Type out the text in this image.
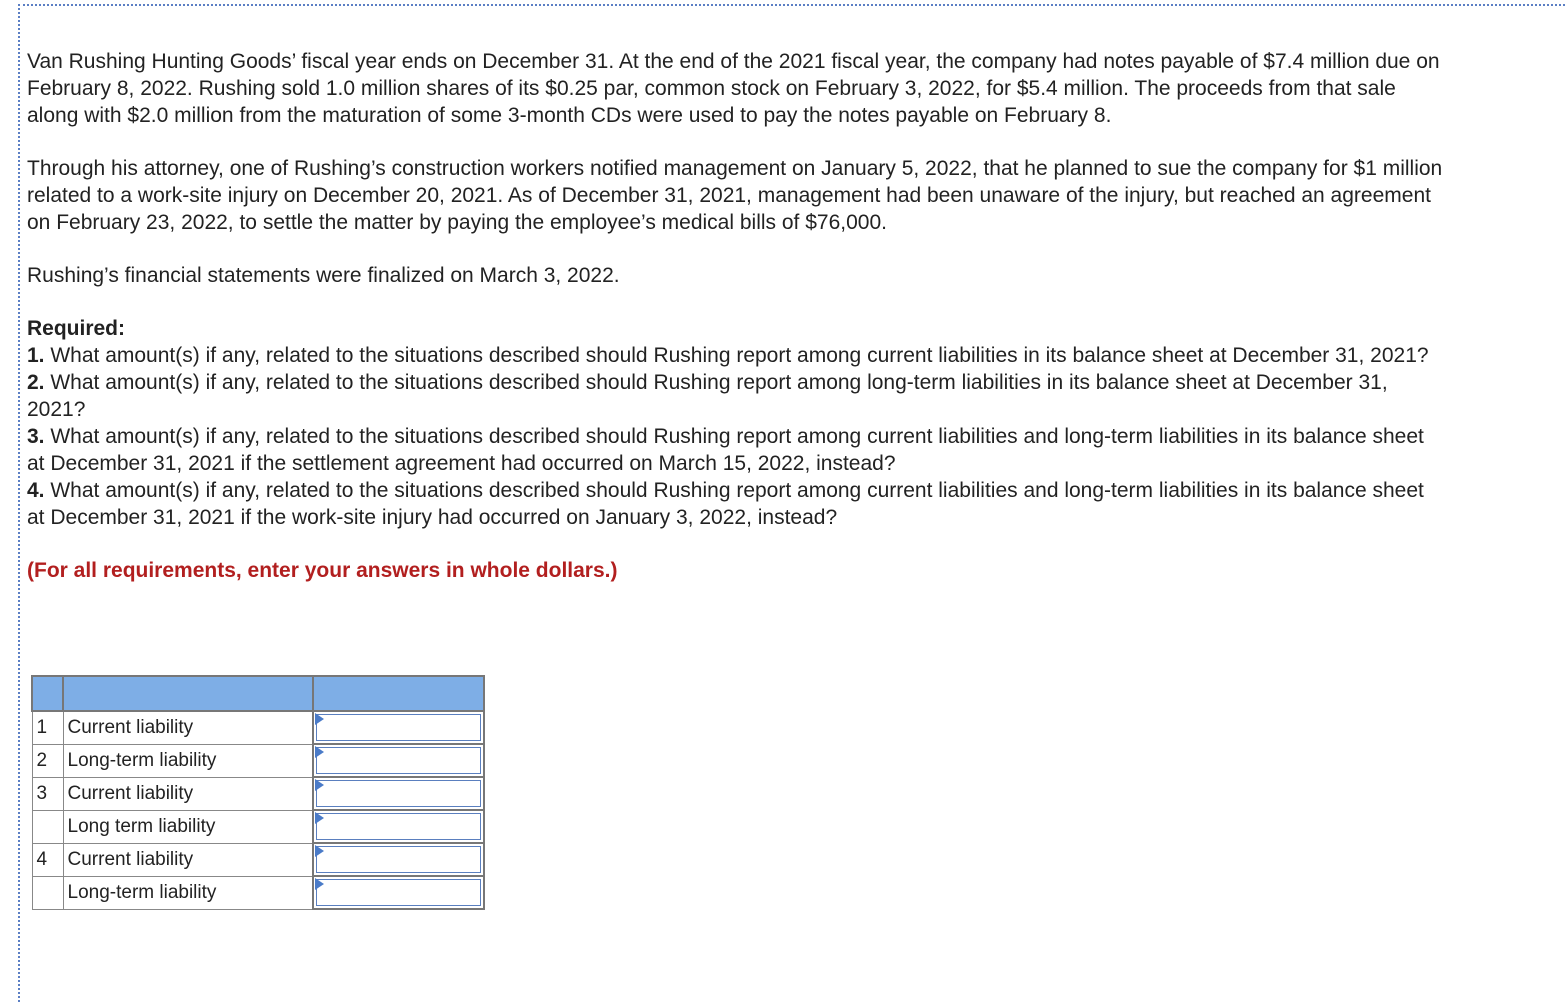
Van Rushing Hunting Goods’ fiscal year ends on December 31. At the end of the 2021 fiscal year, the company had notes payable of $7.4 million due on February 8, 2022. Rushing sold 1.0 million shares of its $0.25 par, common stock on February 3, 2022, for $5.4 million. The proceeds from that sale along with $2.0 million from the maturation of some 3-month CDs were used to pay the notes payable on February 8.

Through his attorney, one of Rushing’s construction workers notified management on January 5, 2022, that he planned to sue the company for $1 million related to a work-site injury on December 20, 2021. As of December 31, 2021, management had been unaware of the injury, but reached an agreement on February 23, 2022, to settle the matter by paying the employee’s medical bills of $76,000.

Rushing’s financial statements were finalized on March 3, 2022.

Required:

1. What amount(s) if any, related to the situations described should Rushing report among current liabilities in its balance sheet at December 31, 2021?

2. What amount(s) if any, related to the situations described should Rushing report among long-term liabilities in its balance sheet at December 31, 2021?

3. What amount(s) if any, related to the situations described should Rushing report among current liabilities and long-term liabilities in its balance sheet at December 31, 2021 if the settlement agreement had occurred on March 15, 2022, instead?

4. What amount(s) if any, related to the situations described should Rushing report among current liabilities and long-term liabilities in its balance sheet at December 31, 2021 if the work-site injury had occurred on January 3, 2022, instead?

(For all requirements, enter your answers in whole dollars.)

1	Current liability	

2	Long-term liability	

3	Current liability	

	Long term liability	

4	Current liability	

	Long-term liability	
